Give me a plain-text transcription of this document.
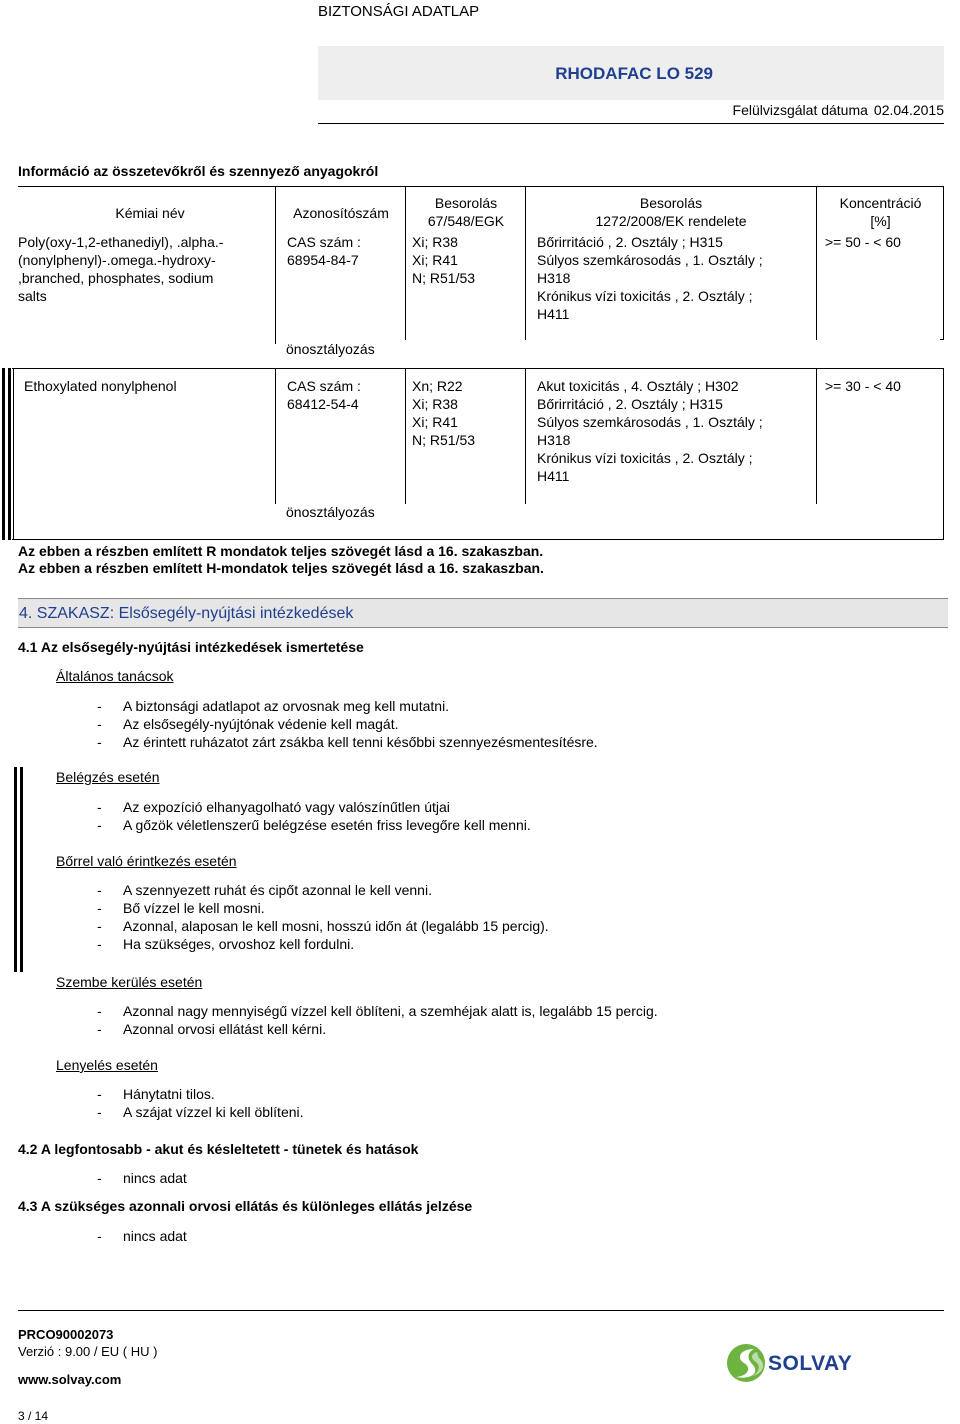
BIZTONSÁGI ADATLAP
RHODAFAC LO 529
Felülvizsgálat dátuma 02.04.2015
Információ az összetevőkről és szennyező anyagokról
Kémiai név	Azonosítószám
Besorolás
67/548/EGK
Besorolás
1272/2008/EK rendelete
Koncentráció
[%]
Poly(oxy-1,2-ethanediyl), .alpha.-
(nonylphenyl)-.omega.-hydroxy-
,branched, phosphates, sodium
salts
CAS szám :
68954-84-7
önosztályozás
Xi; R38
Xi; R41
N; R51/53
Bőrirritáció , 2. Osztály ; H315
Súlyos szemkárosodás , 1. Osztály ;
H318
Krónikus vízi toxicitás , 2. Osztály ;
H411
>= 50 - < 60
Ethoxylated nonylphenol	CAS szám :
68412-54-4
önosztályozás
Xn; R22
Xi; R38
Xi; R41
N; R51/53
Akut toxicitás , 4. Osztály ; H302
Bőrirritáció , 2. Osztály ; H315
Súlyos szemkárosodás , 1. Osztály ;
H318
Krónikus vízi toxicitás , 2. Osztály ;
H411
>= 30 - < 40
Az ebben a részben említett R mondatok teljes szövegét lásd a 16. szakaszban.
Az ebben a részben említett H-mondatok teljes szövegét lásd a 16. szakaszban.
4. SZAKASZ: Elsősegély-nyújtási intézkedések
4.1 Az elsősegély-nyújtási intézkedések ismertetése
Általános tanácsok
- A biztonsági adatlapot az orvosnak meg kell mutatni.
- Az elsősegély-nyújtónak védenie kell magát.
- Az érintett ruházatot zárt zsákba kell tenni későbbi szennyezésmentesítésre.
Belégzés esetén
- Az expozíció elhanyagolható vagy valószínűtlen útjai
- A gőzök véletlenszerű belégzése esetén friss levegőre kell menni.
Bőrrel való érintkezés esetén
- A szennyezett ruhát és cipőt azonnal le kell venni.
- Bő vízzel le kell mosni.
- Azonnal, alaposan le kell mosni, hosszú időn át (legalább 15 percig).
- Ha szükséges, orvoshoz kell fordulni.
Szembe kerülés esetén
- Azonnal nagy mennyiségű vízzel kell öblíteni, a szemhéjak alatt is, legalább 15 percig.
- Azonnal orvosi ellátást kell kérni.
Lenyelés esetén
- Hánytatni tilos.
- A szájat vízzel ki kell öblíteni.
4.2 A legfontosabb - akut és késleltetett - tünetek és hatások
- nincs adat
4.3 A szükséges azonnali orvosi ellátás és különleges ellátás jelzése
- nincs adat
PRCO90002073
Verzió : 9.00 / EU ( HU )
www.solvay.com
3 / 14
SOLVAY
